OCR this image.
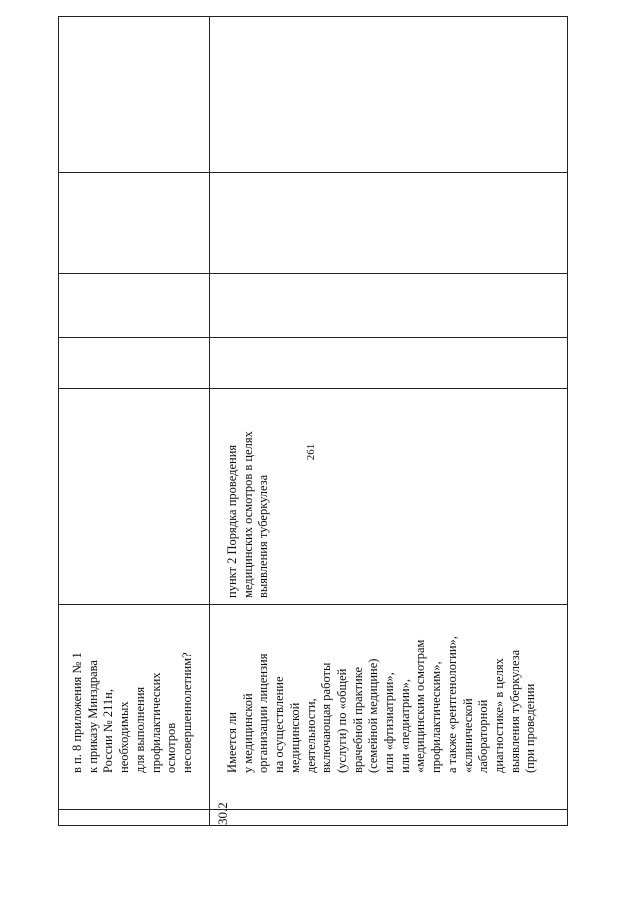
261
в п. 8 приложения № 1 к приказу Минздрава России № 211н, необходимых для выполнения профилактических осмотров несовершеннолетним?
30.2
Имеется ли у медицинской организации лицензия на осуществление медицинской деятельности, включающая работы (услуги) по «общей врачебной практике (семейной медицине) или «фтизиатрии», или «педиатрии», «медицинским осмотрам профилактическим», а также «рентгенологии», «клинической лабораторной диагностике» в целях выявления туберкулеза (при проведении
пункт 2 Порядка проведения медицинских осмотров в целях выявления туберкулеза
